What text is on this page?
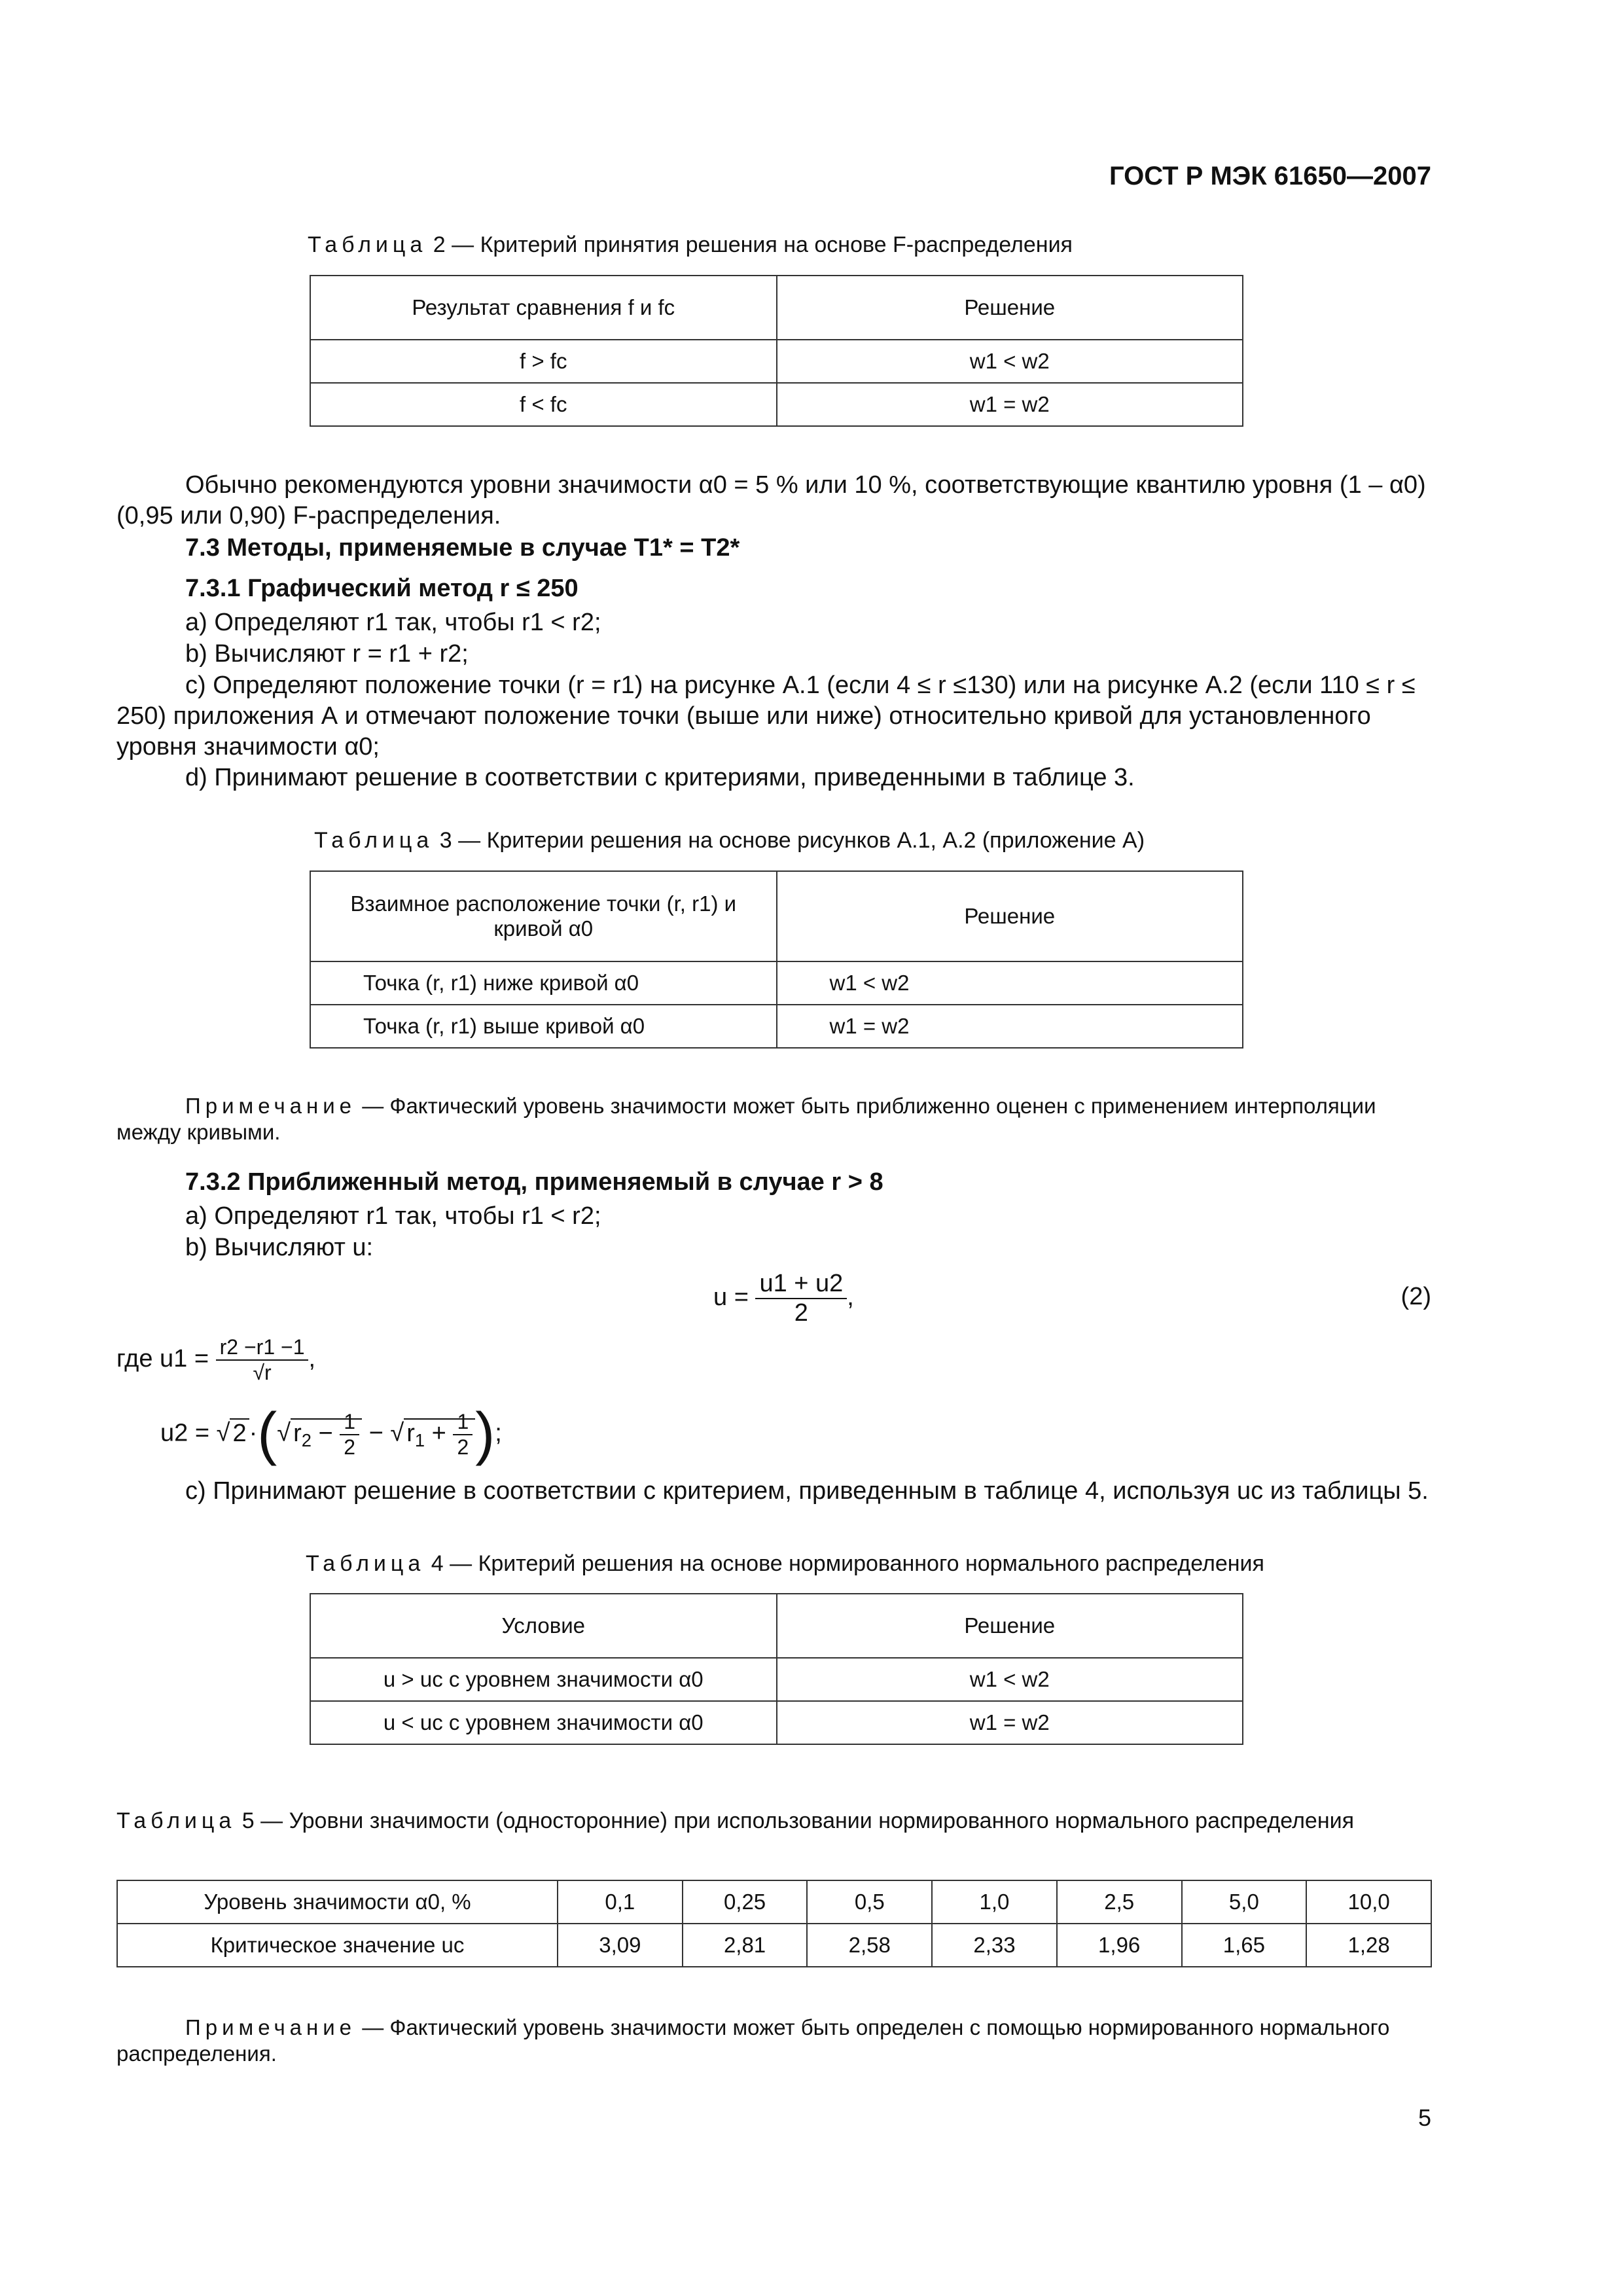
ГОСТ Р МЭК 61650—2007
Таблица 2 — Критерий принятия решения на основе F-распределения
Результат сравнения f и fc	Решение
f > fc	w1 < w2
f < fc	w1 = w2
Обычно рекомендуются уровни значимости α0 = 5 % или 10 %, соответствующие квантилю уровня (1 – α0) (0,95 или 0,90) F-распределения.
7.3 Методы, применяемые в случае T1* = T2*
7.3.1 Графический метод r ≤ 250
a) Определяют r1 так, чтобы r1 < r2;
b) Вычисляют r = r1 + r2;
c) Определяют положение точки (r = r1) на рисунке А.1 (если 4 ≤ r ≤130) или на рисунке А.2 (если 110 ≤ r ≤ 250) приложения А и отмечают положение точки (выше или ниже) относительно кривой для установленного уровня значимости α0;
d) Принимают решение в соответствии с критериями, приведенными в таблице 3.
Таблица 3 — Критерии решения на основе рисунков А.1, А.2 (приложение А)
Взаимное расположение точки (r, r1) и кривой α0	Решение
Точка (r, r1) ниже кривой α0	w1 < w2
Точка (r, r1) выше кривой α0	w1 = w2
Примечание — Фактический уровень значимости может быть приближенно оценен с применением интерполяции между кривыми.
7.3.2 Приближенный метод, применяемый в случае r > 8
a) Определяют r1 так, чтобы r1 < r2;
b) Вычисляют u:
$u = \frac{u1 + u2}{2}$ ,	(2)
где $u1 = \frac{r2 -r1 -1}{√r}$ ,
u2 = √ 2 ·(√ $r_2 - \frac{1}{2}$ − √ $r_1 + \frac{1}{2}$ );
c) Принимают решение в соответствии с критерием, приведенным в таблице 4, используя uc из таблицы 5.
Таблица 4 — Критерий решения на основе нормированного нормального распределения
Условие	Решение
u > uc с уровнем значимости α0	w1 < w2
u < uc с уровнем значимости α0	w1 = w2
Таблица 5 — Уровни значимости (односторонние) при использовании нормированного нормального распределения
Уровень значимости α0, %	0,1	0,25	0,5	1,0	2,5	5,0	10,0
Критическое значение uc	3,09	2,81	2,58	2,33	1,96	1,65	1,28
Примечание — Фактический уровень значимости может быть определен с помощью нормированного нормального распределения.
5
